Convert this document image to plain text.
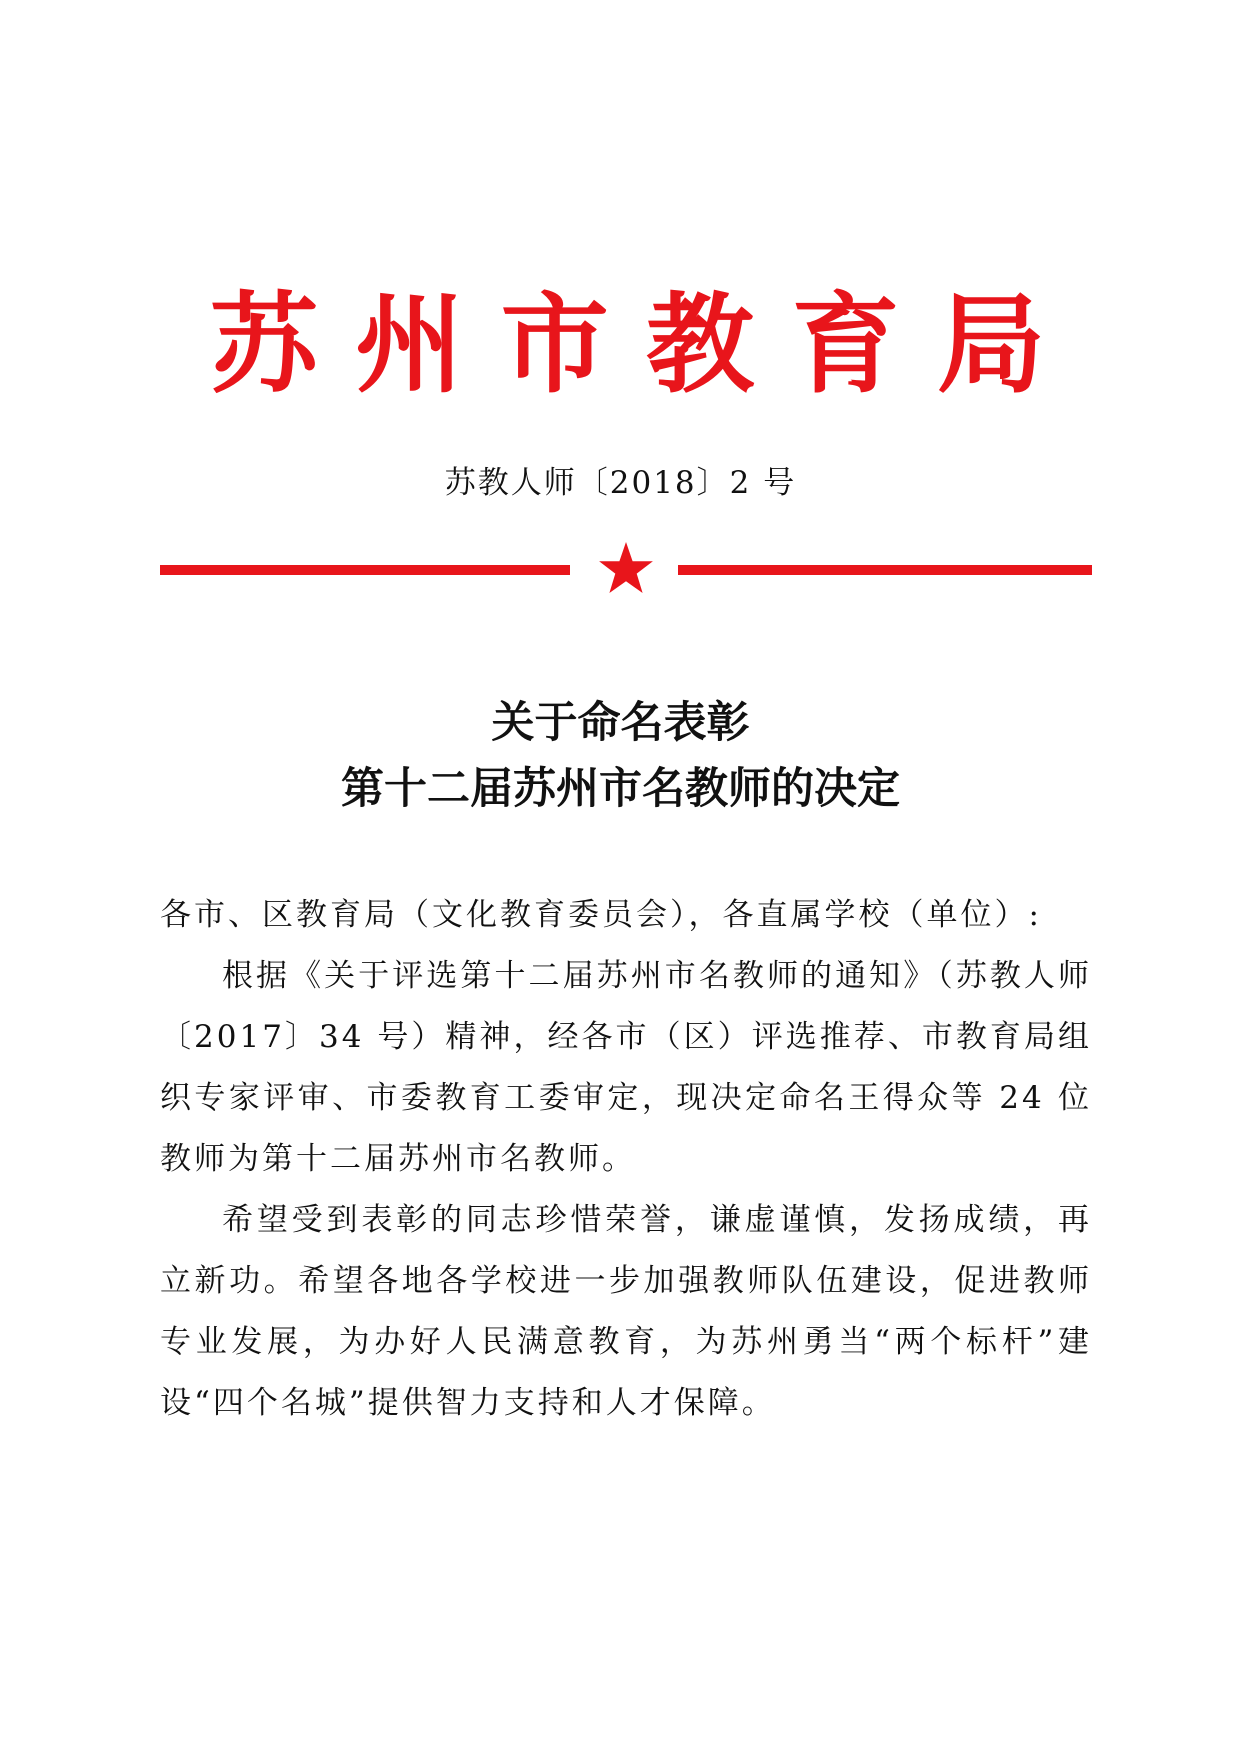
苏 州 市 教 育 局
苏教人师〔2018〕2 号
关于命名表彰
第十二届苏州市名教师的决定

各市、区教育局（文化教育委员会），各直属学校（单位）:

根据《关于评选第十二届苏州市名教师的通知》（苏教人师〔2017〕34 号）精神，经各市（区）评选推荐、市教育局组织专家评审、市委教育工委审定，现决定命名王得众等 24 位教师为第十二届苏州市名教师。

希望受到表彰的同志珍惜荣誉，谦虚谨慎，发扬成绩，再立新功。希望各地各学校进一步加强教师队伍建设，促进教师专业发展，为办好人民满意教育，为苏州勇当“两个标杆”建设“四个名城”提供智力支持和人才保障。
